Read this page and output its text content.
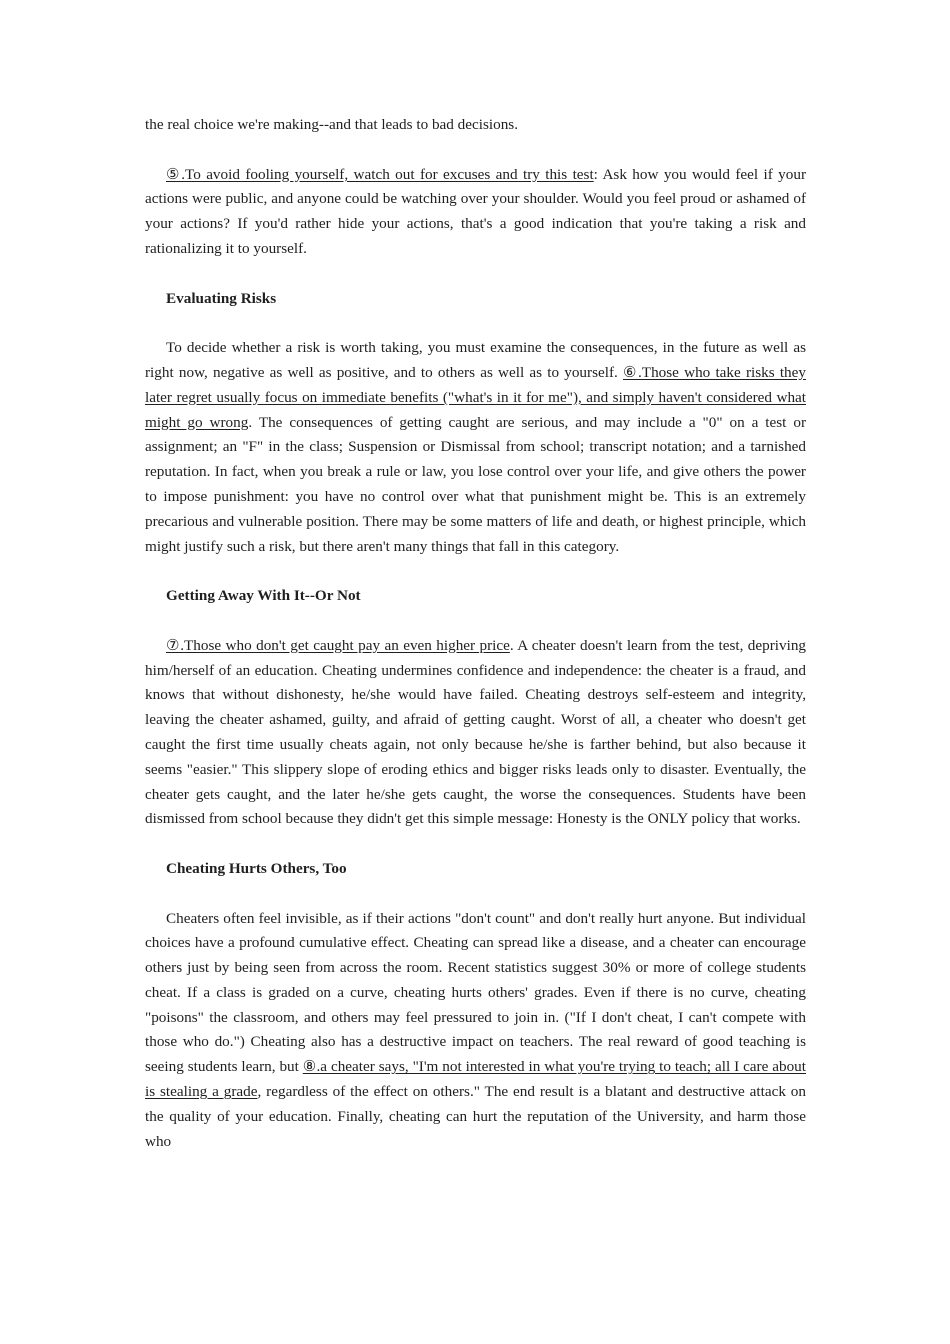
the real choice we're making--and that leads to bad decisions.

⑤.To avoid fooling yourself, watch out for excuses and try this test: Ask how you would feel if your actions were public, and anyone could be watching over your shoulder. Would you feel proud or ashamed of your actions? If you'd rather hide your actions, that's a good indication that you're taking a risk and rationalizing it to yourself.

Evaluating Risks

To decide whether a risk is worth taking, you must examine the consequences, in the future as well as right now, negative as well as positive, and to others as well as to yourself. ⑥.Those who take risks they later regret usually focus on immediate benefits ("what's in it for me"), and simply haven't considered what might go wrong. The consequences of getting caught are serious, and may include a "0" on a test or assignment; an "F" in the class; Suspension or Dismissal from school; transcript notation; and a tarnished reputation. In fact, when you break a rule or law, you lose control over your life, and give others the power to impose punishment: you have no control over what that punishment might be. This is an extremely precarious and vulnerable position. There may be some matters of life and death, or highest principle, which might justify such a risk, but there aren't many things that fall in this category.

Getting Away With It--Or Not

⑦.Those who don't get caught pay an even higher price. A cheater doesn't learn from the test, depriving him/herself of an education. Cheating undermines confidence and independence: the cheater is a fraud, and knows that without dishonesty, he/she would have failed. Cheating destroys self-esteem and integrity, leaving the cheater ashamed, guilty, and afraid of getting caught. Worst of all, a cheater who doesn't get caught the first time usually cheats again, not only because he/she is farther behind, but also because it seems "easier." This slippery slope of eroding ethics and bigger risks leads only to disaster. Eventually, the cheater gets caught, and the later he/she gets caught, the worse the consequences. Students have been dismissed from school because they didn't get this simple message: Honesty is the ONLY policy that works.

Cheating Hurts Others, Too

Cheaters often feel invisible, as if their actions "don't count" and don't really hurt anyone. But individual choices have a profound cumulative effect. Cheating can spread like a disease, and a cheater can encourage others just by being seen from across the room. Recent statistics suggest 30% or more of college students cheat. If a class is graded on a curve, cheating hurts others' grades. Even if there is no curve, cheating "poisons" the classroom, and others may feel pressured to join in. ("If I don't cheat, I can't compete with those who do.") Cheating also has a destructive impact on teachers. The real reward of good teaching is seeing students learn, but ⑧.a cheater says, "I'm not interested in what you're trying to teach; all I care about is stealing a grade, regardless of the effect on others." The end result is a blatant and destructive attack on the quality of your education. Finally, cheating can hurt the reputation of the University, and harm those who
